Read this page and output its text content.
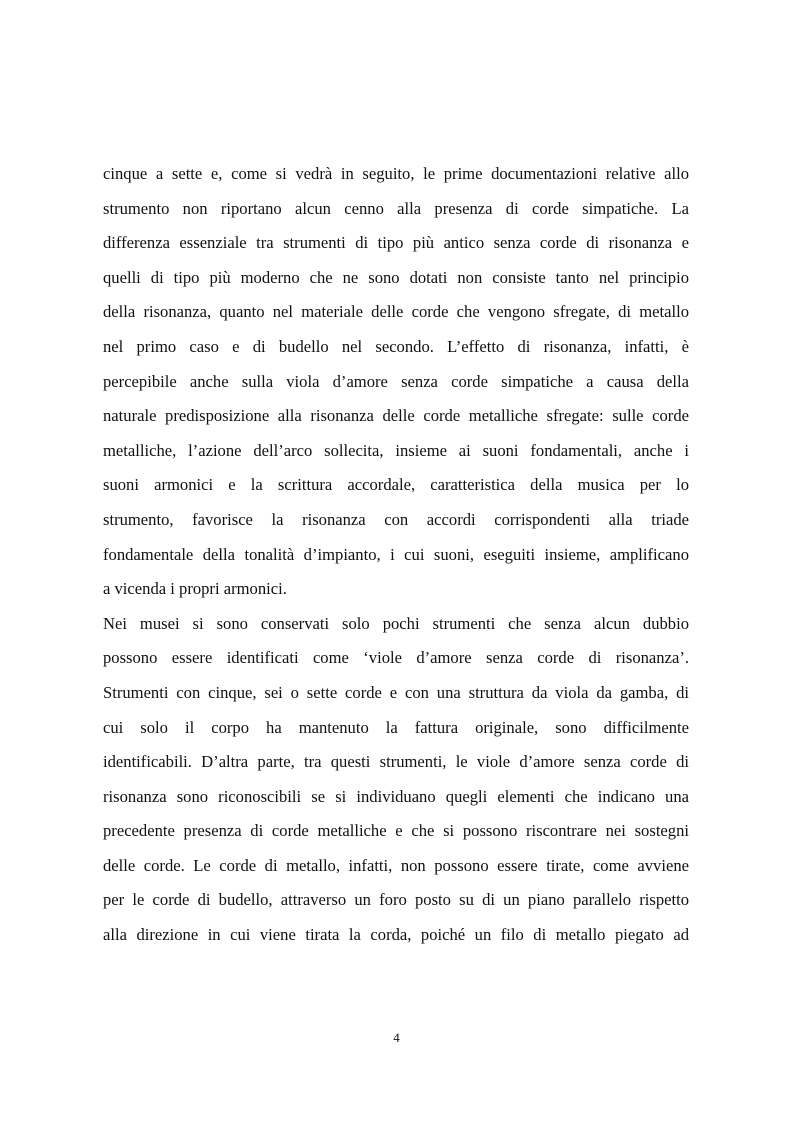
cinque a sette e, come si vedrà in seguito, le prime documentazioni relative allo
strumento non riportano alcun cenno alla presenza di corde simpatiche. La
differenza essenziale tra strumenti di tipo più antico senza corde di risonanza e
quelli di tipo più moderno che ne sono dotati non consiste tanto nel principio
della risonanza, quanto nel materiale delle corde che vengono sfregate, di metallo
nel primo caso e di budello nel secondo. L’effetto di risonanza, infatti, è
percepibile anche sulla viola d’amore senza corde simpatiche a causa della
naturale predisposizione alla risonanza delle corde metalliche sfregate: sulle corde
metalliche, l’azione dell’arco sollecita, insieme ai suoni fondamentali, anche i
suoni armonici e la scrittura accordale, caratteristica della musica per lo
strumento, favorisce la risonanza con accordi corrispondenti alla triade
fondamentale della tonalità d’impianto, i cui suoni, eseguiti insieme, amplificano
a vicenda i propri armonici.
Nei musei si sono conservati solo pochi strumenti che senza alcun dubbio
possono essere identificati come ‘viole d’amore senza corde di risonanza’.
Strumenti con cinque, sei o sette corde e con una struttura da viola da gamba, di
cui solo il corpo ha mantenuto la fattura originale, sono difficilmente
identificabili. D’altra parte, tra questi strumenti, le viole d’amore senza corde di
risonanza sono riconoscibili se si individuano quegli elementi che indicano una
precedente presenza di corde metalliche e che si possono riscontrare nei sostegni
delle corde. Le corde di metallo, infatti, non possono essere tirate, come avviene
per le corde di budello, attraverso un foro posto su di un piano parallelo rispetto
alla direzione in cui viene tirata la corda, poiché un filo di metallo piegato ad
4
